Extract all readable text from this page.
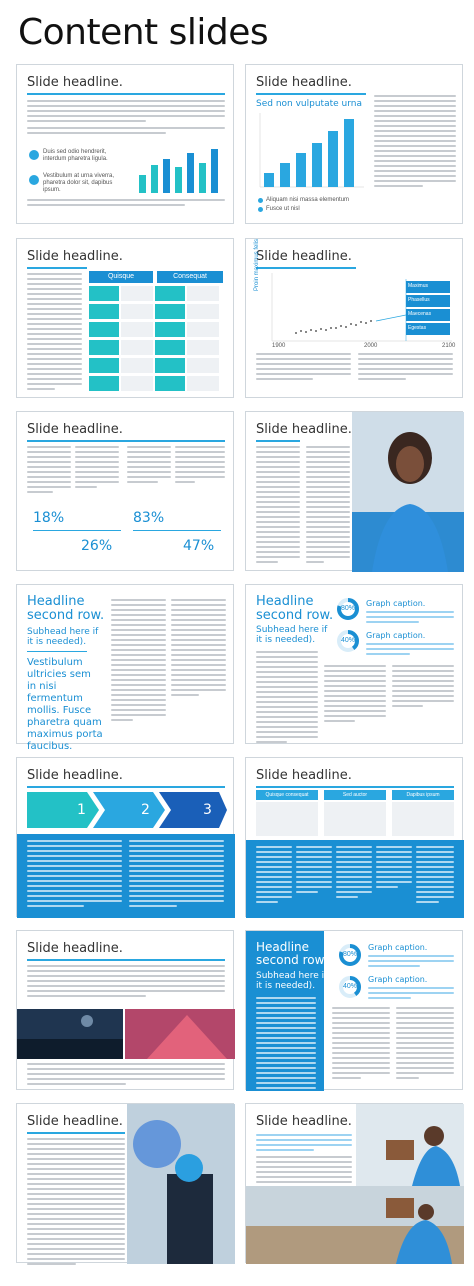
Content slides
Slide headline.
Duis sed odio hendrerit, interdum pharetra ligula.
Vestibulum at urna viverra, pharetra dolor sit, dapibus ipsum.
Slide headline.
Sed non vulputate urna
Aliquam nisi massa elementum
Fusce ut nisl
Slide headline.
Quisque	Consequat
Slide headline.
Proin maximus felis
1900	2000	2100
Maximus
Phasellus
Maecenas
Egestas
Slide headline.
18%	83%
26%	47%
Slide headline.
Headline
second row.
Subhead here if
it is needed).
Vestibulum ultricies sem in nisi fermentum mollis. Fusce pharetra quam maximus porta faucibus.
Headline
second row.
Subhead here if
it is needed).
80%
Graph caption.
40%
Graph caption.
Slide headline.
1	2	3
Slide headline.
Quisque consequat	Sed auctor	Dapibus ipsum
Slide headline.	Headline
second row.
Subhead here if
it is needed).
80%
Graph caption.
40%
Graph caption.
Slide headline.	Slide headline.
